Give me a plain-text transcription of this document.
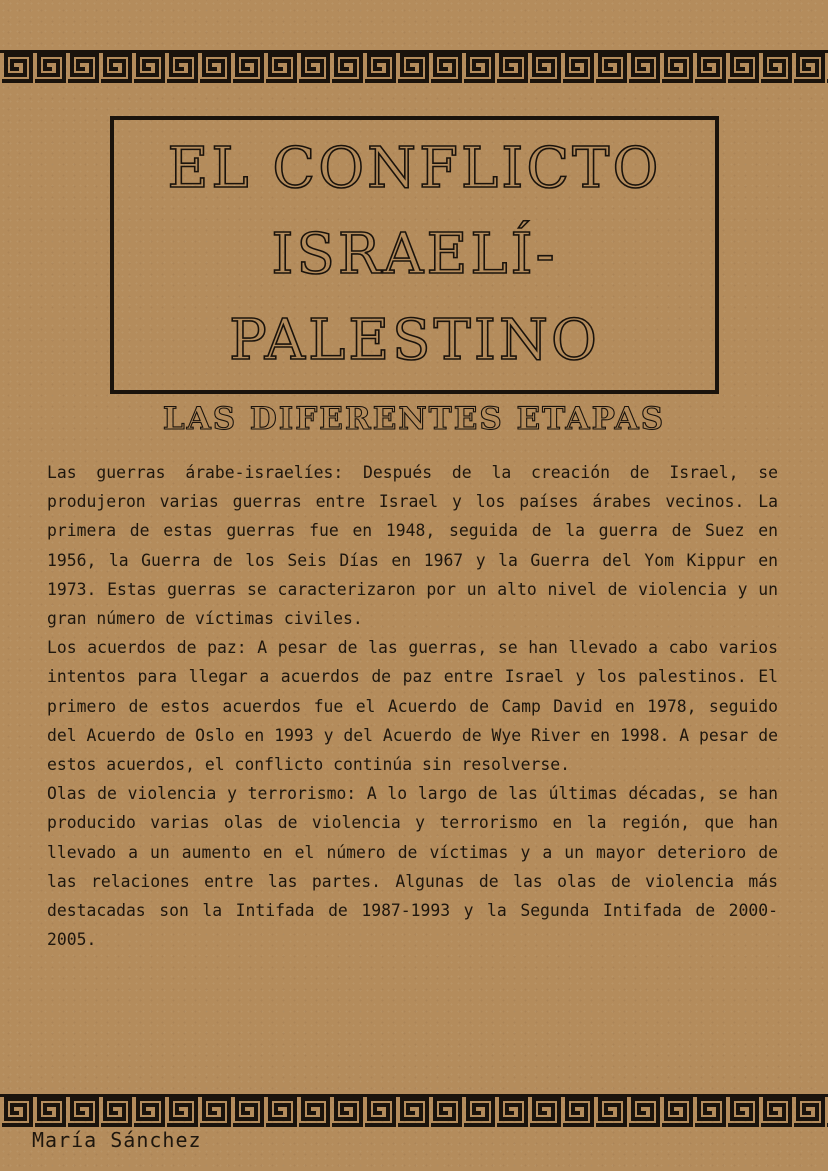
EL CONFLICTO ISRAELÍ-PALESTINO
LAS DIFERENTES ETAPAS

Las guerras árabe-israelíes: Después de la creación de Israel, se produjeron varias guerras entre Israel y los países árabes vecinos. La primera de estas guerras fue en 1948, seguida de la guerra de Suez en 1956, la Guerra de los Seis Días en 1967 y la Guerra del Yom Kippur en 1973. Estas guerras se caracterizaron por un alto nivel de violencia y un gran número de víctimas civiles.

Los acuerdos de paz: A pesar de las guerras, se han llevado a cabo varios intentos para llegar a acuerdos de paz entre Israel y los palestinos. El primero de estos acuerdos fue el Acuerdo de Camp David en 1978, seguido del Acuerdo de Oslo en 1993 y del Acuerdo de Wye River en 1998. A pesar de estos acuerdos, el conflicto continúa sin resolverse.

Olas de violencia y terrorismo: A lo largo de las últimas décadas, se han producido varias olas de violencia y terrorismo en la región, que han llevado a un aumento en el número de víctimas y a un mayor deterioro de las relaciones entre las partes. Algunas de las olas de violencia más destacadas son la Intifada de 1987-1993 y la Segunda Intifada de 2000-2005.

María Sánchez
